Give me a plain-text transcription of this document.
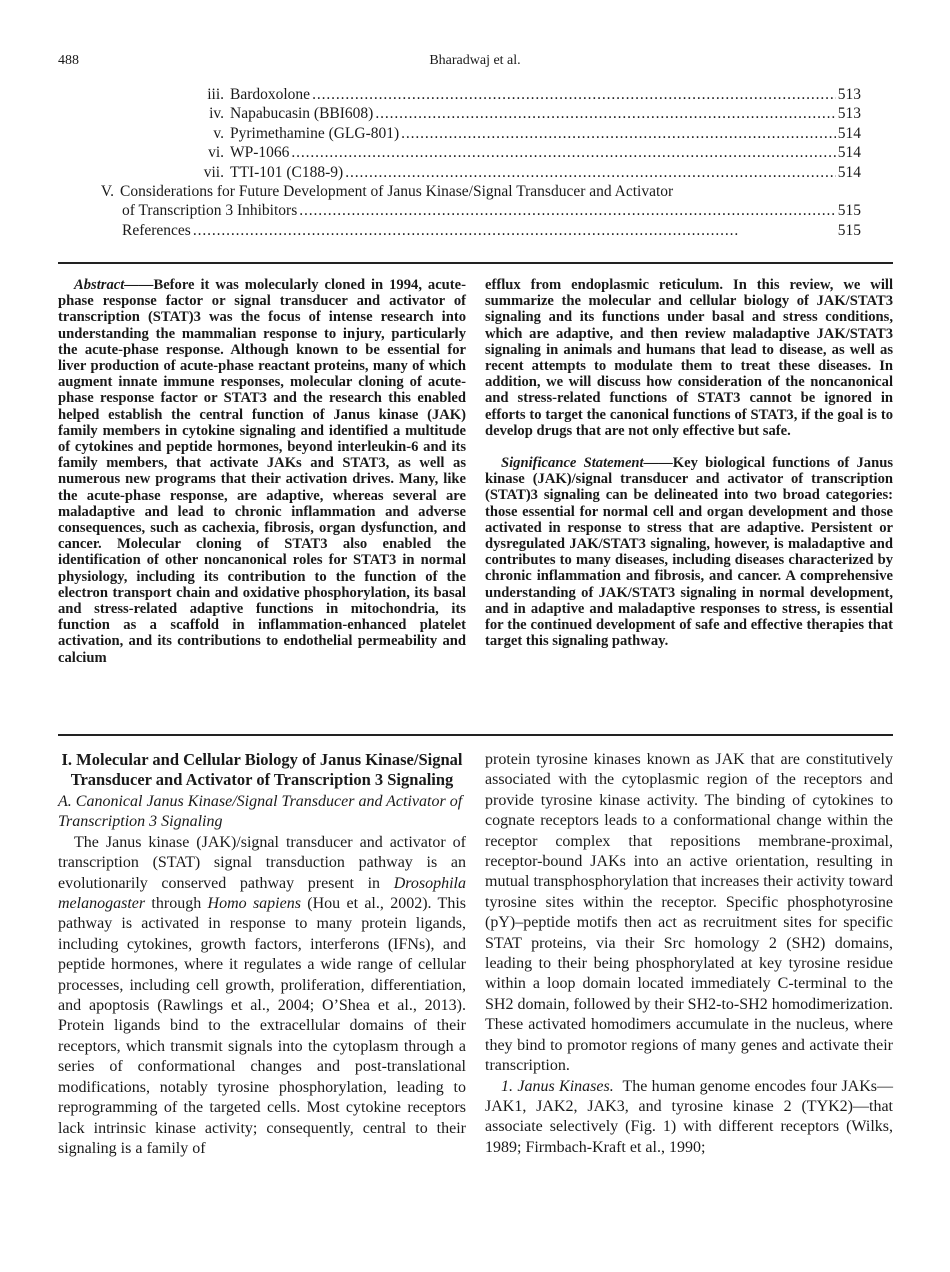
488	Bharadwaj et al.
iii. Bardoxolone . . .	513
iv. Napabucasin (BBI608) . . .	513
v. Pyrimethamine (GLG-801) . . .	514
vi. WP-1066 . . .	514
vii. TTI-101 (C188-9) . . .	514
V. Considerations for Future Development of Janus Kinase/Signal Transducer and Activator
of Transcription 3 Inhibitors . . .	515
References . . .	515

Abstract——Before it was molecularly cloned in 1994, acute-phase response factor or signal transducer and activator of transcription (STAT)3 was the focus of intense research into understanding the mammalian response to injury, particularly the acute-phase response. Although known to be essential for liver production of acute-phase reactant proteins, many of which augment innate immune responses, molecular cloning of acute-phase response factor or STAT3 and the research this enabled helped establish the central function of Janus kinase (JAK) family members in cytokine signaling and identified a multitude of cytokines and peptide hormones, beyond interleukin-6 and its family members, that activate JAKs and STAT3, as well as numerous new programs that their activation drives. Many, like the acute-phase response, are adaptive, whereas several are maladaptive and lead to chronic inflammation and adverse consequences, such as cachexia, fibrosis, organ dysfunction, and cancer. Molecular cloning of STAT3 also enabled the identification of other noncanonical roles for STAT3 in normal physiology, including its contribution to the function of the electron transport chain and oxidative phosphorylation, its basal and stress-related adaptive functions in mitochondria, its function as a scaffold in inflammation-enhanced platelet activation, and its contributions to endothelial permeability and calcium

efflux from endoplasmic reticulum. In this review, we will summarize the molecular and cellular biology of JAK/STAT3 signaling and its functions under basal and stress conditions, which are adaptive, and then review maladaptive JAK/STAT3 signaling in animals and humans that lead to disease, as well as recent attempts to modulate them to treat these diseases. In addition, we will discuss how consideration of the noncanonical and stress-related functions of STAT3 cannot be ignored in efforts to target the canonical functions of STAT3, if the goal is to develop drugs that are not only effective but safe.

Significance Statement——Key biological functions of Janus kinase (JAK)/signal transducer and activator of transcription (STAT)3 signaling can be delineated into two broad categories: those essential for normal cell and organ development and those activated in response to stress that are adaptive. Persistent or dysregulated JAK/STAT3 signaling, however, is maladaptive and contributes to many diseases, including diseases characterized by chronic inflammation and fibrosis, and cancer. A comprehensive understanding of JAK/STAT3 signaling in normal development, and in adaptive and maladaptive responses to stress, is essential for the continued development of safe and effective therapies that target this signaling pathway.

I. Molecular and Cellular Biology of Janus Kinase/Signal Transducer and Activator of Transcription 3 Signaling
A. Canonical Janus Kinase/Signal Transducer and Activator of Transcription 3 Signaling

The Janus kinase (JAK)/signal transducer and activator of transcription (STAT) signal transduction pathway is an evolutionarily conserved pathway present in Drosophila melanogaster through Homo sapiens (Hou et al., 2002). This pathway is activated in response to many protein ligands, including cytokines, growth factors, interferons (IFNs), and peptide hormones, where it regulates a wide range of cellular processes, including cell growth, proliferation, differentiation, and apoptosis (Rawlings et al., 2004; O’Shea et al., 2013). Protein ligands bind to the extracellular domains of their receptors, which transmit signals into the cytoplasm through a series of conformational changes and post-translational modifications, notably tyrosine phosphorylation, leading to reprogramming of the targeted cells. Most cytokine receptors lack intrinsic kinase activity; consequently, central to their signaling is a family of

protein tyrosine kinases known as JAK that are constitutively associated with the cytoplasmic region of the receptors and provide tyrosine kinase activity. The binding of cytokines to cognate receptors leads to a conformational change within the receptor complex that repositions membrane-proximal, receptor-bound JAKs into an active orientation, resulting in mutual transphosphorylation that increases their activity toward tyrosine sites within the receptor. Specific phosphotyrosine (pY)–peptide motifs then act as recruitment sites for specific STAT proteins, via their Src homology 2 (SH2) domains, leading to their being phosphorylated at key tyrosine residue within a loop domain located immediately C-terminal to the SH2 domain, followed by their SH2-to-SH2 homodimerization. These activated homodimers accumulate in the nucleus, where they bind to promotor regions of many genes and activate their transcription.

1. Janus Kinases. The human genome encodes four JAKs—JAK1, JAK2, JAK3, and tyrosine kinase 2 (TYK2)—that associate selectively (Fig. 1) with different receptors (Wilks, 1989; Firmbach-Kraft et al., 1990;
